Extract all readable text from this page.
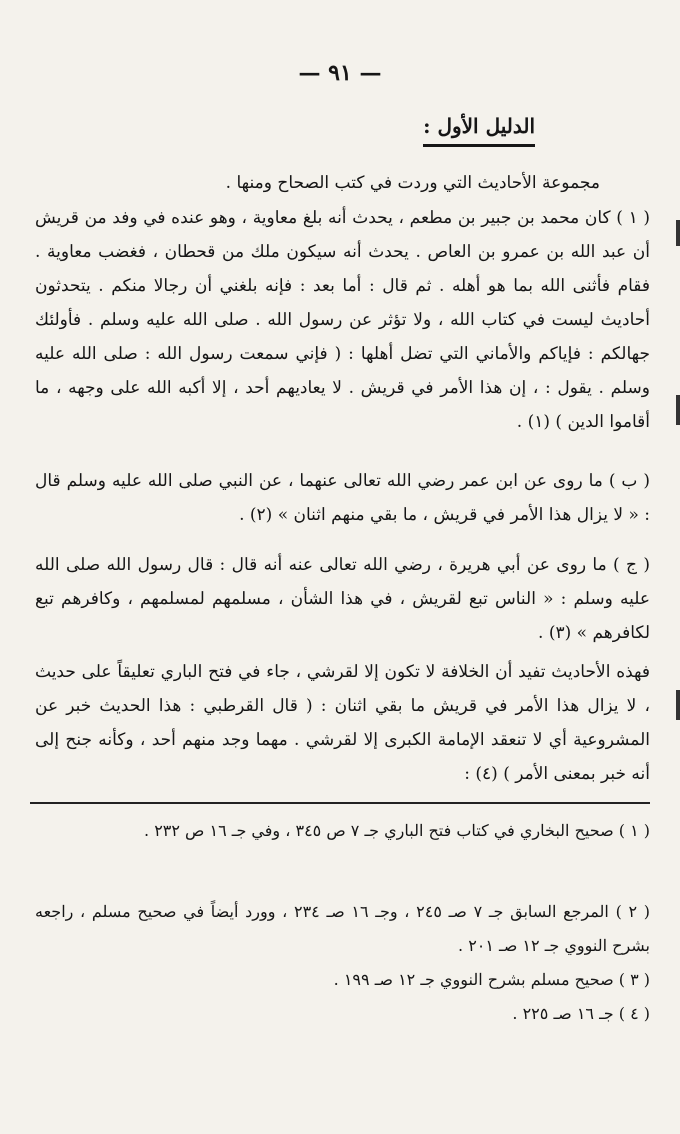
— ٩١ —
الدليل الأول :
مجموعة الأحاديث التي وردت في كتب الصحاح ومنها .
( ١ ) كان محمد بن جبير بن مطعم ، يحدث أنه بلغ معاوية ، وهو عنده في وفد من قريش أن عبد الله بن عمرو بن العاص . يحدث أنه سيكون ملك من قحطان ، فغضب معاوية . فقام فأثنى الله بما هو أهله . ثم قال : أما بعد : فإنه بلغني أن رجالا منكم . يتحدثون أحاديث ليست في كتاب الله ، ولا تؤثر عن رسول الله . صلى الله عليه وسلم . فأولئك جهالكم : فإياكم والأماني التي تضل أهلها : ( فإني سمعت رسول الله : صلى الله عليه وسلم . يقول : ، إن هذا الأمر في قريش . لا يعاديهم أحد ، إلا أكبه الله على وجهه ، ما أقاموا الدين ) (١) .
( ب ) ما روى عن ابن عمر رضي الله تعالى عنهما ، عن النبي صلى الله عليه وسلم قال : « لا يزال هذا الأمر في قريش ، ما بقي منهم اثنان » (٢) .
( ج ) ما روى عن أبي هريرة ، رضي الله تعالى عنه أنه قال : قال رسول الله صلى الله عليه وسلم : « الناس تبع لقريش ، في هذا الشأن ، مسلمهم لمسلمهم ، وكافرهم تبع لكافرهم » (٣) .
فهذه الأحاديث تفيد أن الخلافة لا تكون إلا لقرشي ، جاء في فتح الباري تعليقاً على حديث ، لا يزال هذا الأمر في قريش ما بقي اثنان : ( قال القرطبي : هذا الحديث خبر عن المشروعية أي لا تنعقد الإمامة الكبرى إلا لقرشي . مهما وجد منهم أحد ، وكأنه جنح إلى أنه خبر بمعنى الأمر ) (٤) :
( ١ ) صحيح البخاري في كتاب فتح الباري جـ ٧ ص ٣٤٥ ، وفي جـ ١٦ ص ٢٣٢ .
( ٢ ) المرجع السابق جـ ٧ صـ ٢٤٥ ، وجـ ١٦ صـ ٢٣٤ ، وورد أيضاً في صحيح مسلم ، راجعه بشرح النووي جـ ١٢ صـ ٢٠١ .
( ٣ ) صحيح مسلم بشرح النووي جـ ١٢ صـ ١٩٩ .
( ٤ ) جـ ١٦ صـ ٢٢٥ .
